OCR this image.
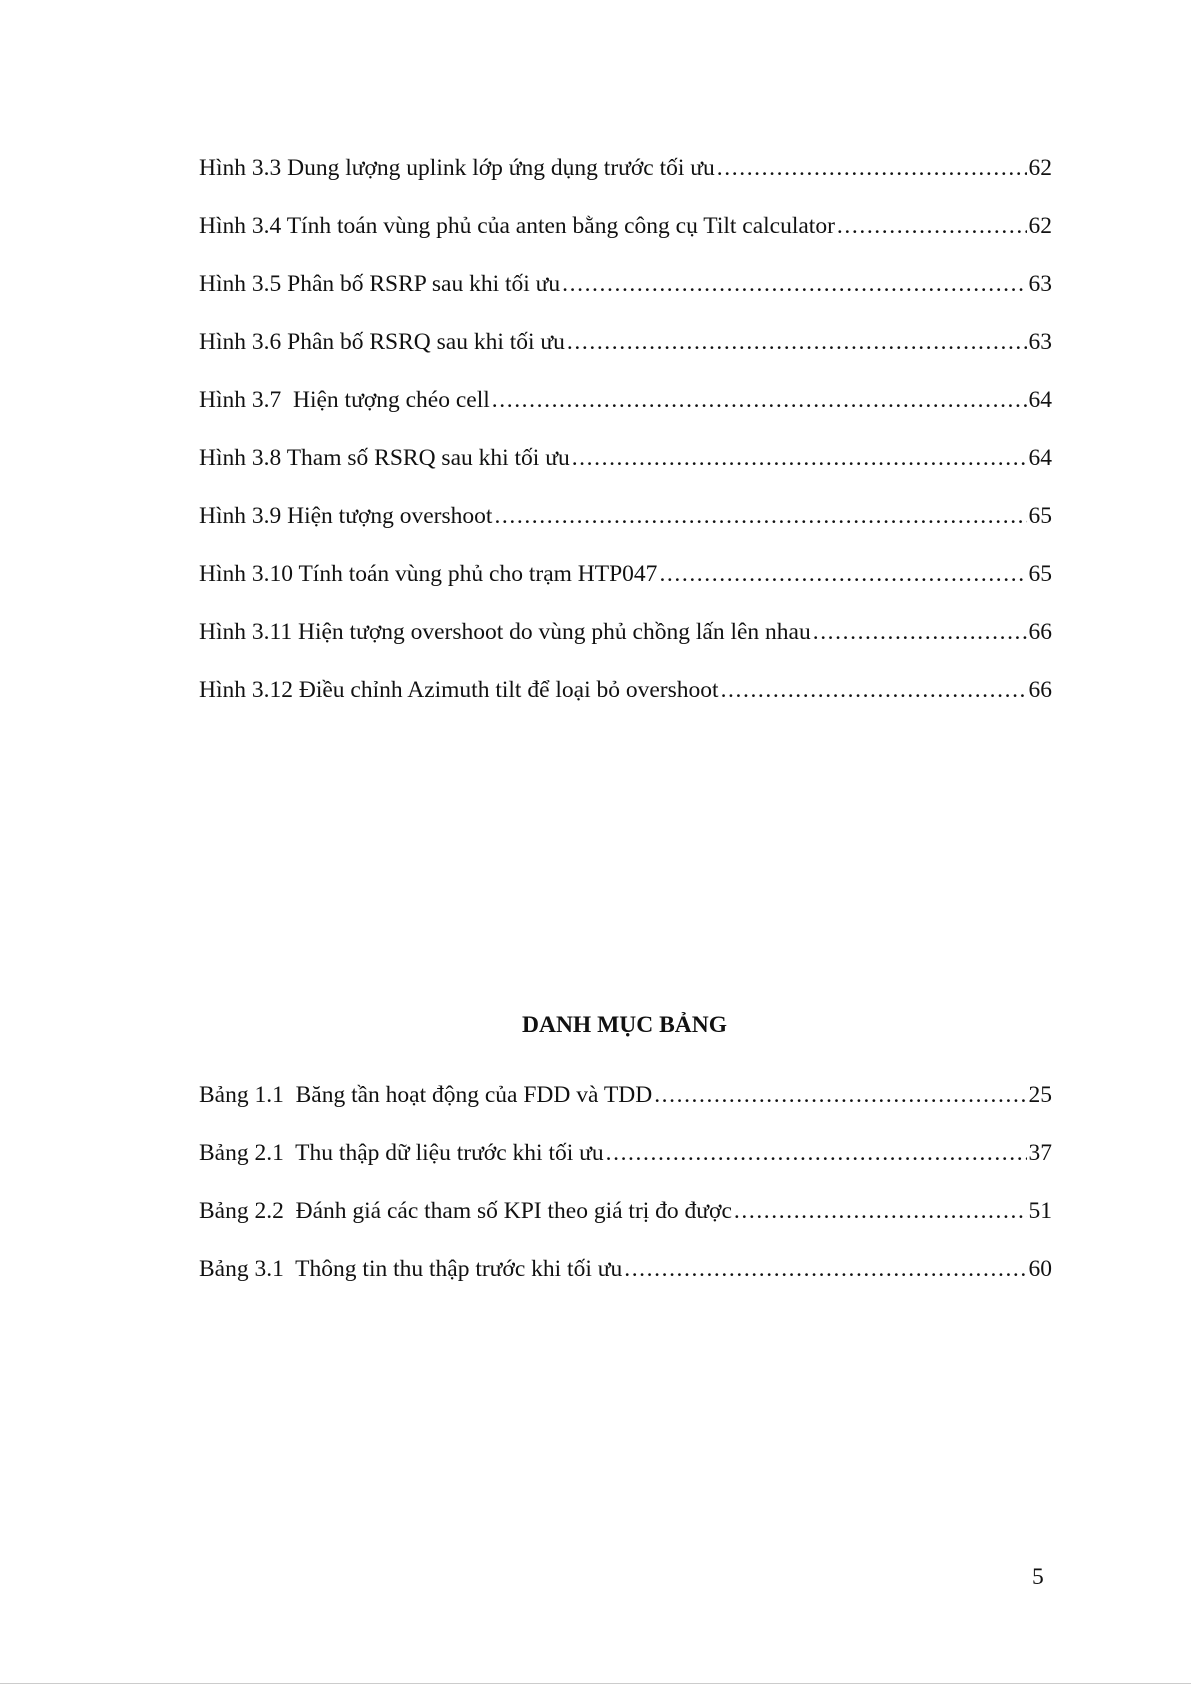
Hình 3.3 Dung lượng uplink lớp ứng dụng trước tối ưu .....	62
Hình 3.4 Tính toán vùng phủ của anten bằng công cụ Tilt calculator .....	62
Hình 3.5 Phân bố RSRP sau khi tối ưu .....	63
Hình 3.6 Phân bố RSRQ sau khi tối ưu .....	63
Hình 3.7  Hiện tượng chéo cell .....	64
Hình 3.8 Tham số RSRQ sau khi tối ưu .....	64
Hình 3.9 Hiện tượng overshoot .....	65
Hình 3.10 Tính toán vùng phủ cho trạm HTP047 .....	65
Hình 3.11 Hiện tượng overshoot do vùng phủ chồng lấn lên nhau .....	66
Hình 3.12 Điều chỉnh Azimuth tilt để loại bỏ overshoot .....	66
DANH MỤC BẢNG
Bảng 1.1  Băng tần hoạt động của FDD và TDD .....	25
Bảng 2.1  Thu thập dữ liệu trước khi tối ưu .....	37
Bảng 2.2  Đánh giá các tham số KPI theo giá trị đo được .....	51
Bảng 3.1  Thông tin thu thập trước khi tối ưu .....	60
5
